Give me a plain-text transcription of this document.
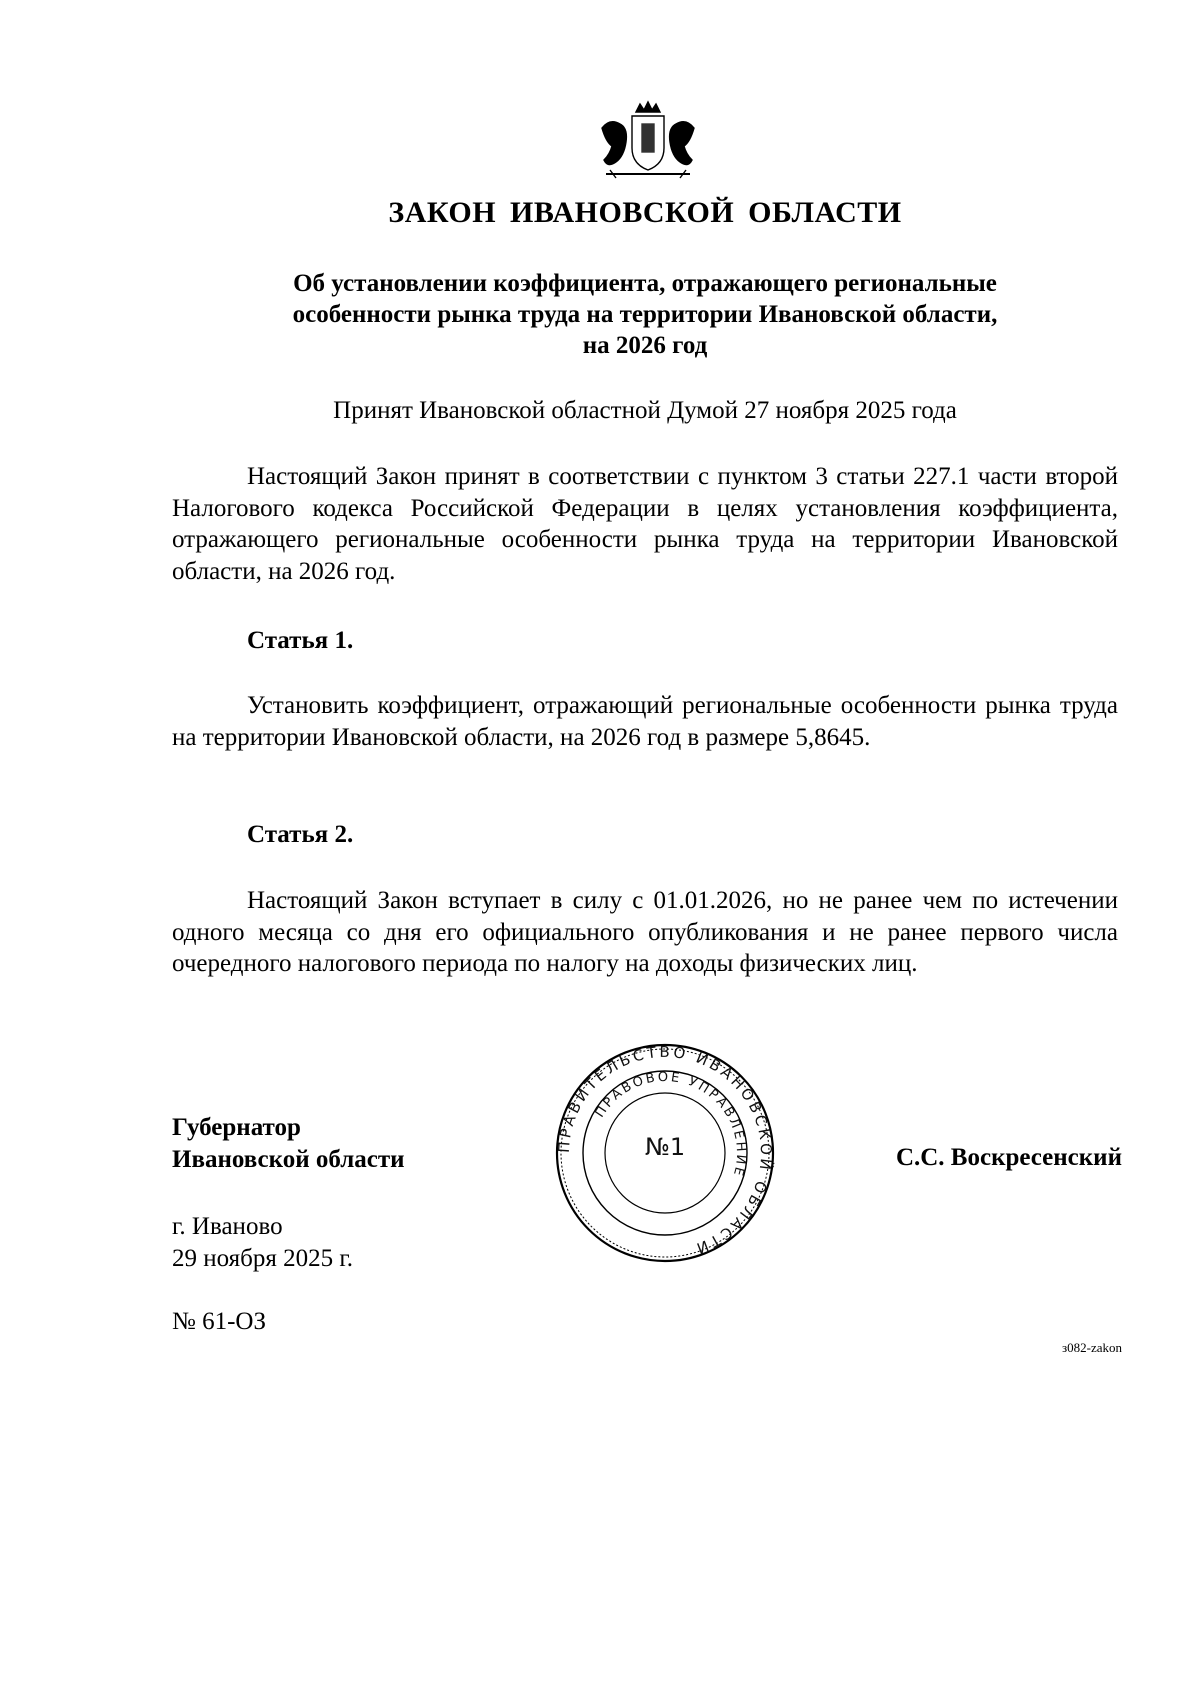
ЗАКОН ИВАНОВСКОЙ ОБЛАСТИ
Об установлении коэффициента, отражающего региональные
особенности рынка труда на территории Ивановской области,
на 2026 год
Принят Ивановской областной Думой 27 ноября 2025 года
Настоящий Закон принят в соответствии с пунктом 3 статьи 227.1 части второй Налогового кодекса Российской Федерации в целях установления коэффициента, отражающего региональные особенности рынка труда на территории Ивановской области, на 2026 год.
Статья 1.
Установить коэффициент, отражающий региональные особенности рынка труда на территории Ивановской области, на 2026 год в размере 5,8645.
Статья 2.
Настоящий Закон вступает в силу с 01.01.2026, но не ранее чем по истечении одного месяца со дня его официального опубликования и не ранее первого числа очередного налогового периода по налогу на доходы физических лиц.
Губернатор
Ивановской области	ПРАВИТЕЛЬСТВО ИВАНОВСКОЙ ОБЛАСТИ
ПРАВОВОЕ УПРАВЛЕНИЕ
№1	С.С. Воскресенский
г. Иваново
29 ноября 2025 г.
№ 61-ОЗ
з082-zakon
